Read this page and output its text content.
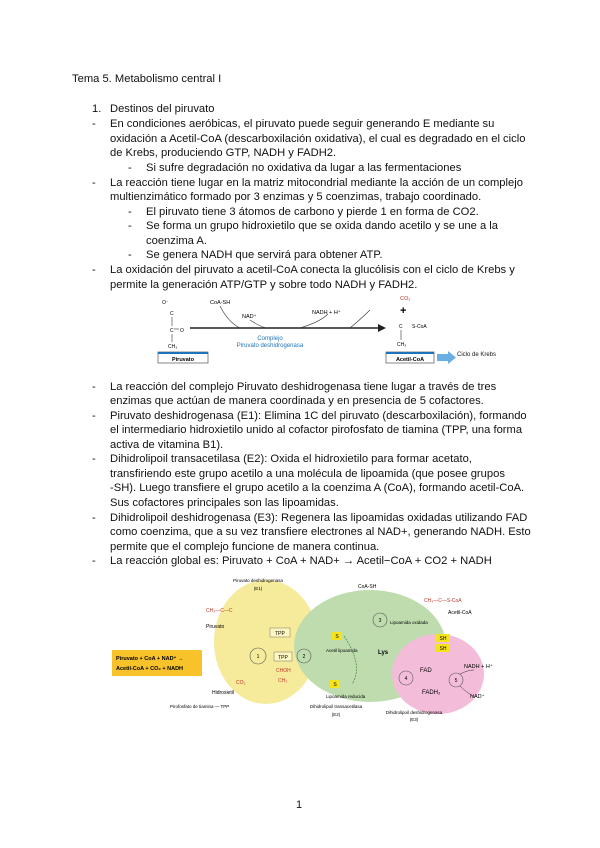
Tema 5. Metabolismo central I
1. Destinos del piruvato
- En condiciones aeróbicas, el piruvato puede seguir generando E mediante su
oxidación a Acetil-CoA (descarboxilación oxidativa), el cual es degradado en el ciclo
de Krebs, produciendo GTP, NADH y FADH2.
- Si sufre degradación no oxidativa da lugar a las fermentaciones
- La reacción tiene lugar en la matriz mitocondrial mediante la acción de un complejo
multienzimático formado por 3 enzimas y 5 coenzimas, trabajo coordinado.
- El piruvato tiene 3 átomos de carbono y pierde 1 en forma de CO2.
- Se forma un grupo hidroxietilo que se oxida dando acetilo y se une a la
coenzima A.
- Se genera NADH que servirá para obtener ATP.
- La oxidación del piruvato a acetil-CoA conecta la glucólisis con el ciclo de Krebs y
permite la generación ATP/GTP y sobre todo NADH y FADH2.
O⁻
C
C O
CH₃
CoA-SH
NAD⁺
NADH + H⁺
Complejo
Piruvato deshidrogenasa
CO₂
+
C S-CoA
CH₃
Piruvato	Acetil-CoA
Ciclo de Krebs
- La reacción del complejo Piruvato deshidrogenasa tiene lugar a través de tres
enzimas que actúan de manera coordinada y en presencia de 5 cofactores.
- Piruvato deshidrogenasa (E1): Elimina 1C del piruvato (descarboxilación), formando
el intermediario hidroxietilo unido al cofactor pirofosfato de tiamina (TPP, una forma
activa de vitamina B1).
- Dihidrolipoil transacetilasa (E2): Oxida el hidroxietilo para formar acetato,
transfiriendo este grupo acetilo a una molécula de lipoamida (que posee grupos
-SH). Luego transfiere el grupo acetilo a la coenzima A (CoA), formando acetil-CoA.
Sus cofactores principales son las lipoamidas.
- Dihidrolipoil deshidrogenasa (E3): Regenera las lipoamidas oxidadas utilizando FAD
como coenzima, que a su vez transfiere electrones al NAD+, generando NADH. Esto
permite que el complejo funcione de manera continua.
- La reacción global es: Piruvato + CoA + NAD+ → Acetil−CoA + CO2 + NADH
Piruvato + CoA + NAD⁺ →
Acetil-CoA + CO₂ + NADH
Piruvato deshidrogenasa
(E1)	CoA-SH
CH₃—C—S-CoA
Acetil-CoA
CH₃—C—C
Piruvato
1
TPP
TPP
CHOH
CH₃
CO₂
Hidroxietil
2
S
S
Acetil lipoamida
Lipoamida oxidada
Lipoamida reducida
Lys
3
SH
SH
4
FAD
FADH₂
5
NADH + H⁺
NAD⁺
Pirofosfato de tiamina — TPP	Dihidrolipoil transacetilasa
(E2)	Dihidrolipoil deshidrogenasa
(E3)
1
